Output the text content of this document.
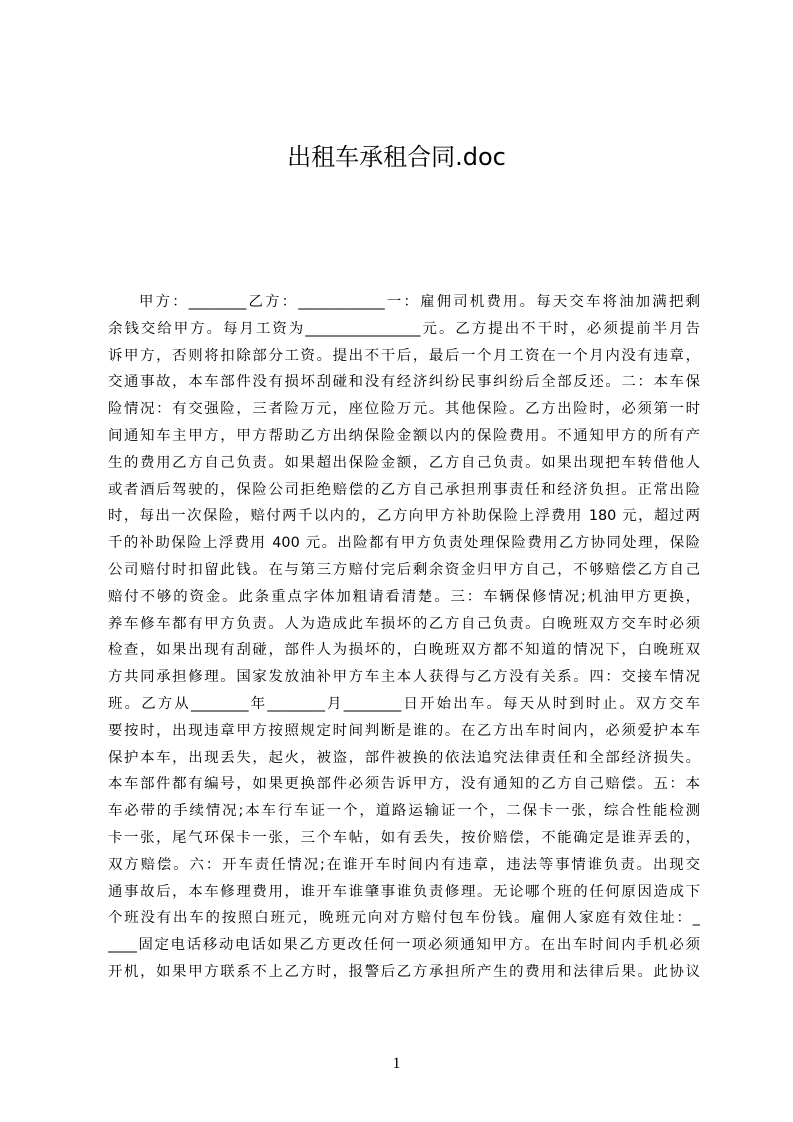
出租车承租合同.doc
甲方：________乙方：____________一：雇佣司机费用。每天交车将油加满把剩
余钱交给甲方。每月工资为________________元。乙方提出不干时，必须提前半月告
诉甲方，否则将扣除部分工资。提出不干后，最后一个月工资在一个月内没有违章，
交通事故，本车部件没有损坏刮碰和没有经济纠纷民事纠纷后全部反还。二：本车保
险情况：有交强险，三者险万元，座位险万元。其他保险。乙方出险时，必须第一时
间通知车主甲方，甲方帮助乙方出纳保险金额以内的保险费用。不通知甲方的所有产
生的费用乙方自己负责。如果超出保险金额，乙方自己负责。如果出现把车转借他人
或者酒后驾驶的，保险公司拒绝赔偿的乙方自己承担刑事责任和经济负担。正常出险
时，每出一次保险，赔付两千以内的，乙方向甲方补助保险上浮费用 180 元，超过两
千的补助保险上浮费用 400 元。出险都有甲方负责处理保险费用乙方协同处理，保险
公司赔付时扣留此钱。在与第三方赔付完后剩余资金归甲方自己，不够赔偿乙方自己
赔付不够的资金。此条重点字体加粗请看清楚。三：车辆保修情况;机油甲方更换，
养车修车都有甲方负责。人为造成此车损坏的乙方自己负责。白晚班双方交车时必须
检查，如果出现有刮碰，部件人为损坏的，白晚班双方都不知道的情况下，白晚班双
方共同承担修理。国家发放油补甲方车主本人获得与乙方没有关系。四：交接车情况
班。乙方从________年________月________日开始出车。每天从时到时止。双方交车
要按时，出现违章甲方按照规定时间判断是谁的。在乙方出车时间内，必须爱护本车
保护本车，出现丢失，起火，被盗，部件被换的依法追究法律责任和全部经济损失。
本车部件都有编号，如果更换部件必须告诉甲方，没有通知的乙方自己赔偿。五：本
车必带的手续情况;本车行车证一个，道路运输证一个，二保卡一张，综合性能检测
卡一张，尾气环保卡一张，三个车帖，如有丢失，按价赔偿，不能确定是谁弄丢的，
双方赔偿。六：开车责任情况;在谁开车时间内有违章，违法等事情谁负责。出现交
通事故后，本车修理费用，谁开车谁肇事谁负责修理。无论哪个班的任何原因造成下
个班没有出车的按照白班元，晚班元向对方赔付包车份钱。雇佣人家庭有效住址：_
____固定电话移动电话如果乙方更改任何一项必须通知甲方。在出车时间内手机必须
开机，如果甲方联系不上乙方时，报警后乙方承担所产生的费用和法律后果。此协议
1
